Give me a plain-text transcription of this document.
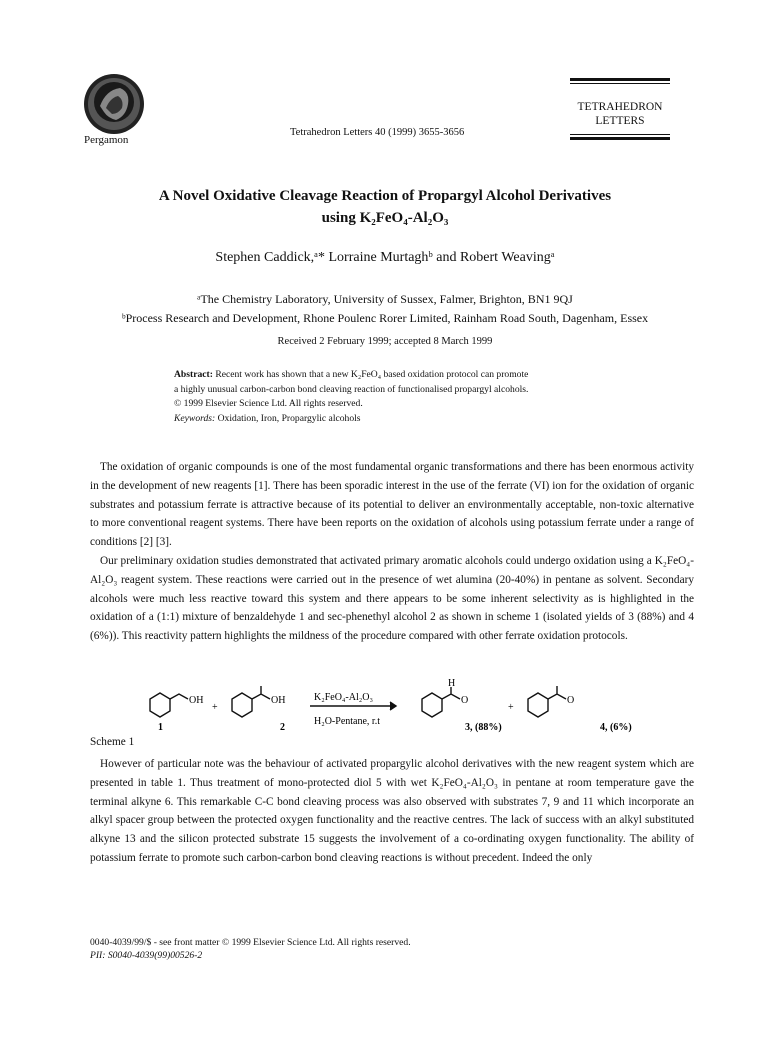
Pergamon
Tetrahedron Letters 40 (1999) 3655-3656
TETRAHEDRON
LETTERS
A Novel Oxidative Cleavage Reaction of Propargyl Alcohol Derivatives
using K₂FeO₄-Al₂O₃
Stephen Caddick,ᵃ* Lorraine Murtaghᵇ and Robert Weavingᵃ
ᵃThe Chemistry Laboratory, University of Sussex, Falmer, Brighton, BN1 9QJ
ᵇProcess Research and Development, Rhone Poulenc Rorer Limited, Rainham Road South, Dagenham, Essex
Received 2 February 1999; accepted 8 March 1999
Abstract: Recent work has shown that a new K₂FeO₄ based oxidation protocol can promote
a highly unusual carbon-carbon bond cleaving reaction of functionalised propargyl alcohols.
© 1999 Elsevier Science Ltd. All rights reserved.
Keywords: Oxidation, Iron, Propargylic alcohols

The oxidation of organic compounds is one of the most fundamental organic transformations and there has been enormous activity in the development of new reagents [1]. There has been sporadic interest in the use of the ferrate (VI) ion for the oxidation of organic substrates and potassium ferrate is attractive because of its potential to deliver an environmentally acceptable, non-toxic alternative to more conventional reagent systems. There have been reports on the oxidation of alcohols using potassium ferrate under a range of conditions [2] [3].

Our preliminary oxidation studies demonstrated that activated primary aromatic alcohols could undergo oxidation using a K₂FeO₄-Al₂O₃ reagent system. These reactions were carried out in the presence of wet alumina (20-40%) in pentane as solvent. Secondary alcohols were much less reactive toward this system and there appears to be some inherent selectivity as is highlighted in the oxidation of a (1:1) mixture of benzaldehyde 1 and sec-phenethyl alcohol 2 as shown in scheme 1 (isolated yields of 3 (88%) and 4 (6%)). This reactivity pattern highlights the mildness of the procedure compared with other ferrate oxidation protocols.

OH
1
+
OH
2
K₂FeO₄-Al₂O₃
H₂O-Pentane, r.t
H
O
3, (88%)
+
O
4, (6%)
Scheme 1

However of particular note was the behaviour of activated propargylic alcohol derivatives with the new reagent system which are presented in table 1. Thus treatment of mono-protected diol 5 with wet K₂FeO₄-Al₂O₃ in pentane at room temperature gave the terminal alkyne 6. This remarkable C-C bond cleaving process was also observed with substrates 7, 9 and 11 which incorporate an alkyl spacer group between the protected oxygen functionality and the reactive centres. The lack of success with an alkyl substituted alkyne 13 and the silicon protected substrate 15 suggests the involvement of a co-ordinating oxygen functionality. The ability of potassium ferrate to promote such carbon-carbon bond cleaving reactions is without precedent. Indeed the only

0040-4039/99/$ - see front matter © 1999 Elsevier Science Ltd. All rights reserved.
PII: S0040-4039(99)00526-2
